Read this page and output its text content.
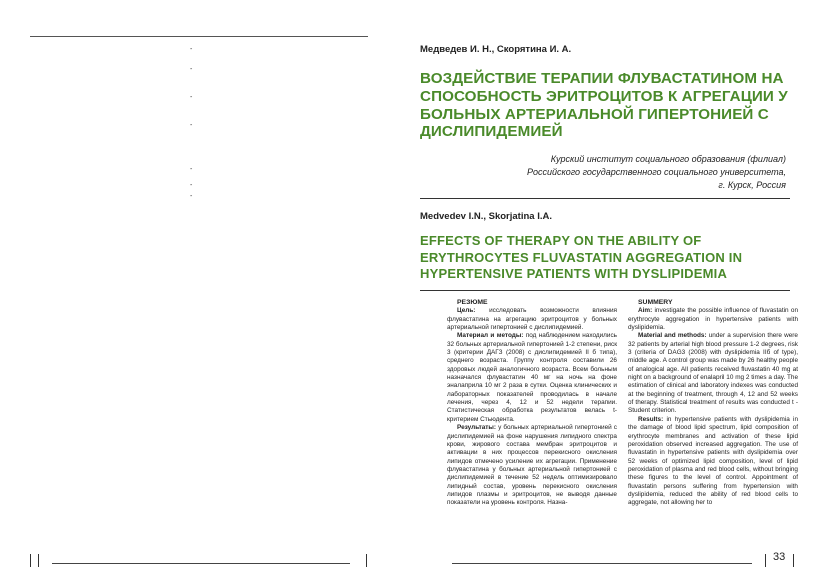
-
-
-
-
-
-
-
Медведев И. Н., Скорятина И. А.
ВОЗДЕЙСТВИЕ ТЕРАПИИ ФЛУВАСТАТИНОМ НА СПОСОБНОСТЬ ЭРИТРОЦИТОВ К АГРЕГАЦИИ У БОЛЬНЫХ АРТЕРИАЛЬНОЙ ГИПЕРТОНИЕЙ С ДИСЛИПИДЕМИЕЙ
Курский институт социального образования (филиал)
Российского государственного социального университета,
г. Курск, Россия
Medvedev I.N., Skorjatina I.A.
EFFECTS OF THERAPY ON THE ABILITY OF ERYTHROCYTES FLUVASTATIN AGGREGATION IN HYPERTENSIVE PATIENTS WITH DYSLIPIDEMIA
РЕЗЮМЕ

Цель: исследовать возможности влияния флувастатина на агрегацию эритроцитов у больных артериальной гипертонией с дислипидемией.

Материал и методы: под наблюдением находились 32 больных артериальной гипертонией 1-2 степени, риск 3 (критерии ДАГЗ (2008) с дислипидемией II б типа), среднего возраста. Группу контроля составили 26 здоровых людей аналогичного возраста. Всем больным назначался флувастатин 40 мг на ночь на фоне эналаприла 10 мг 2 раза в сутки. Оценка клинических и лабораторных показателей проводилась в начале лечения, через 4, 12 и 52 недели терапии. Статистическая обработка результатов велась t-критерием Стьюдента.

Результаты: у больных артериальной гипертонией с дислипидемией на фоне нарушения липидного спектра крови, жирового состава мембран эритроцитов и активации в них процессов перекисного окисления липидов отмечено усиление их агрегации. Применение флувастатина у больных артериальной гипертонией с дислипидемией в течение 52 недель оптимизировало липидный состав, уровень перекисного окисления липидов плазмы и эритроцитов, не выводя данные показатели на уровень контроля. Назна-

SUMMERY

Aim: investigate the possible influence of fluvastatin on erythrocyte aggregation in hypertensive patients with dyslipidemia.

Material and methods: under a supervision there were 32 patients by arterial high blood pressure 1-2 degrees, risk 3 (criteria of DAG3 (2008) with dyslipidemia IIб of type), middle age. A control group was made by 26 healthy people of analogical age. All patients received fluvastatin 40 mg at night on a background of enalapril 10 mg 2 times a day. The estimation of clinical and laboratory indexes was conducted at the beginning of treatment, through 4, 12 and 52 weeks of therapy. Statistical treatment of results was conducted t - Student criterion.

Results: in hypertensive patients with dyslipidemia in the damage of blood lipid spectrum, lipid composition of erythrocyte membranes and activation of these lipid peroxidation observed increased aggregation. The use of fluvastatin in hypertensive patients with dyslipidemia over 52 weeks of optimized lipid composition, level of lipid peroxidation of plasma and red blood cells, without bringing these figures to the level of control. Appointment of fluvastatin persons suffering from hypertension with dyslipidemia, reduced the ability of red blood cells to aggregate, not allowing her to

33
